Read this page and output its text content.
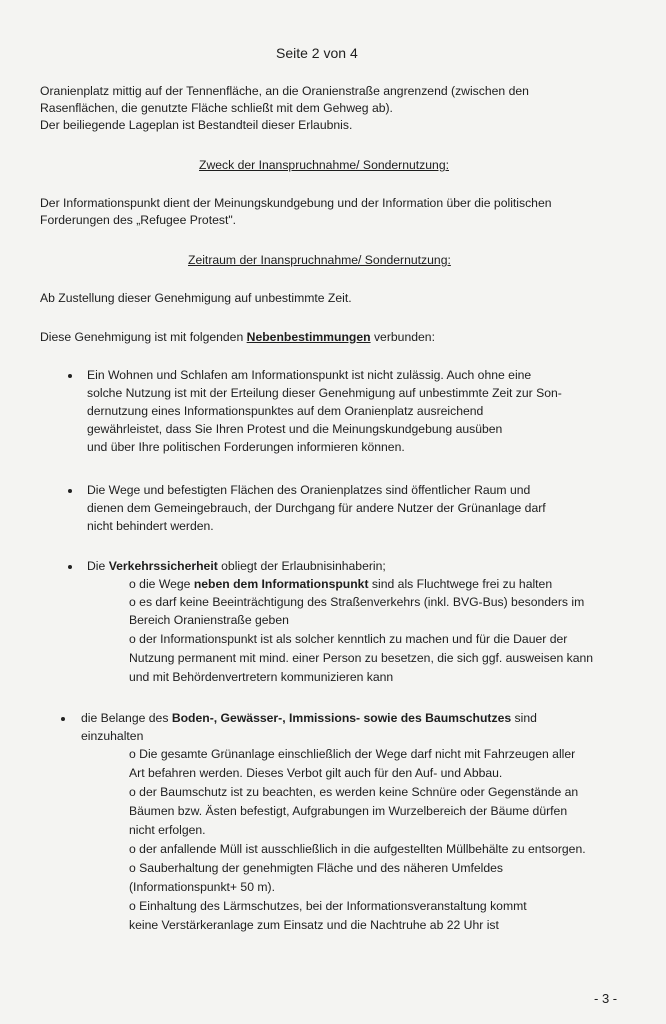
Seite 2 von 4
Oranienplatz mittig auf der Tennenfläche, an die Oranienstraße angrenzend (zwischen den
Rasenflächen, die genutzte Fläche schließt mit dem Gehweg ab).
Der beiliegende Lageplan ist Bestandteil dieser Erlaubnis.
Zweck der Inanspruchnahme/ Sondernutzung:
Der Informationspunkt dient der Meinungskundgebung und der Information über die politischen
Forderungen des „Refugee Protest".
Zeitraum der Inanspruchnahme/ Sondernutzung:
Ab Zustellung dieser Genehmigung auf unbestimmte Zeit.
Diese Genehmigung ist mit folgenden Nebenbestimmungen verbunden:
Ein Wohnen und Schlafen am Informationspunkt ist nicht zulässig. Auch ohne eine
solche Nutzung ist mit der Erteilung dieser Genehmigung auf unbestimmte Zeit zur Son-
dernutzung eines Informationspunktes auf dem Oranienplatz ausreichend
gewährleistet, dass Sie Ihren Protest und die Meinungskundgebung ausüben
und über Ihre politischen Forderungen informieren können.
Die Wege und befestigten Flächen des Oranienplatzes sind öffentlicher Raum und
dienen dem Gemeingebrauch, der Durchgang für andere Nutzer der Grünanlage darf
nicht behindert werden.
Die Verkehrssicherheit obliegt der Erlaubnisinhaberin;
o die Wege neben dem Informationspunkt sind als Fluchtwege frei zu halten
o es darf keine Beeinträchtigung des Straßenverkehrs (inkl. BVG-Bus) besonders im
Bereich Oranienstraße geben
o der Informationspunkt ist als solcher kenntlich zu machen und für die Dauer der
Nutzung permanent mit mind. einer Person zu besetzen, die sich ggf. ausweisen kann
und mit Behördenvertretern kommunizieren kann
die Belange des Boden-, Gewässer-, Immissions- sowie des Baumschutzes sind
einzuhalten
o Die gesamte Grünanlage einschließlich der Wege darf nicht mit Fahrzeugen aller
Art befahren werden. Dieses Verbot gilt auch für den Auf- und Abbau.
o der Baumschutz ist zu beachten, es werden keine Schnüre oder Gegenstände an
Bäumen bzw. Ästen befestigt, Aufgrabungen im Wurzelbereich der Bäume dürfen
nicht erfolgen.
o der anfallende Müll ist ausschließlich in die aufgestellten Müllbehälte zu entsorgen.
o Sauberhaltung der genehmigten Fläche und des näheren Umfeldes
(Informationspunkt+ 50 m).
o Einhaltung des Lärmschutzes, bei der Informationsveranstaltung kommt
keine Verstärkeranlage zum Einsatz und die Nachtruhe ab 22 Uhr ist
- 3 -
